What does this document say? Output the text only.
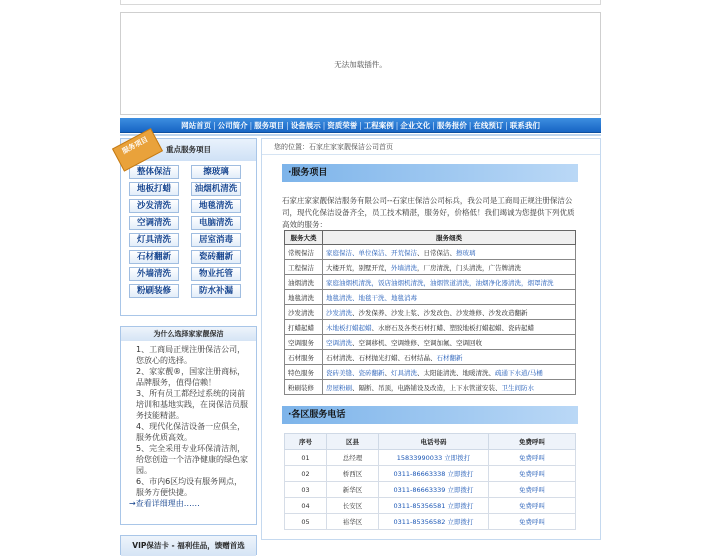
无法加载插件。
网站首页 | 公司简介 | 服务项目 | 设备展示 | 资质荣誉 | 工程案例 | 企业文化 | 服务报价 | 在线预订 | 联系我们
服务项目	重点服务项目
整体保洁	擦玻璃
地板打蜡	油烟机清洗
沙发清洗	地毯清洗
空调清洗	电脑清洗
灯具清洗	居室消毒
石材翻新	瓷砖翻新
外墙清洗	物业托管
粉刷装修	防水补漏
为什么选择家家靓保洁

1、工商局正规注册保洁公司，您放心的选择。

2、家家靓®，国家注册商标，品牌服务，值得信赖！

3、所有员工都经过系统的岗前培训和基地实践，在岗保洁员服务技能精湛。

4、现代化保洁设备一应俱全，服务优质高效。

5、完全采用专业环保清洁剂，给您创造一个洁净健康的绿色家园。

6、市内6区均设有服务网点，服务方便快捷。

→查看详细理由……
VIP保洁卡 - 福利佳品，馈赠首选
您的位置：石家庄家家靓保洁公司首页
·服务项目
石家庄家家靓保洁服务有限公司--石家庄保洁公司标兵，我公司是工商局正规注册保洁公司，现代化保洁设备齐全，员工技术精湛，服务好，价格低！我们竭诚为您提供下列优质高效的服务：
服务大类	服务细类
常规保洁	家庭保洁、单位保洁、开荒保洁、日常保洁、擦玻璃
工程保洁	大楼开荒，别墅开荒，外墙清洗，厂房清洗，门头清洗，广告牌清洗
油烟清洗	家庭油烟机清洗，饭店油烟机清洗，油烟管道清洗，油烟净化器清洗，烟罩清洗
地毯清洗	地毯清洗、地毯干洗、地毯消毒
沙发清洗	沙发清洗、沙发保养、沙发上浆、沙发改色、沙发维修、沙发改造翻新
打蜡起蜡	木地板打蜡起蜡、水磨石及各类石材打蜡、塑胶地板打蜡起蜡、瓷砖起蜡
空调服务	空调清洗、空调移机、空调维修、空调加氟、空调回收
石材服务	石材清洗、石材抛光打蜡、石材结晶、石材翻新
特色服务	瓷砖美缝、瓷砖翻新、灯具清洗、太阳能清洗、地暖清洗、疏通下水道/马桶
粉刷装修	房屋粉刷、隔断、吊顶，电路铺设及改造，上下水管道安装、卫生间防水
·各区服务电话
序号	区县	电话号码	免费呼叫
01	总经理	15833990033 立即拨打	免费呼叫
02	桥西区	0311-86663338 立即拨打	免费呼叫
03	新华区	0311-86663339 立即拨打	免费呼叫
04	长安区	0311-85356581 立即拨打	免费呼叫
05	裕华区	0311-85356582 立即拨打	免费呼叫
